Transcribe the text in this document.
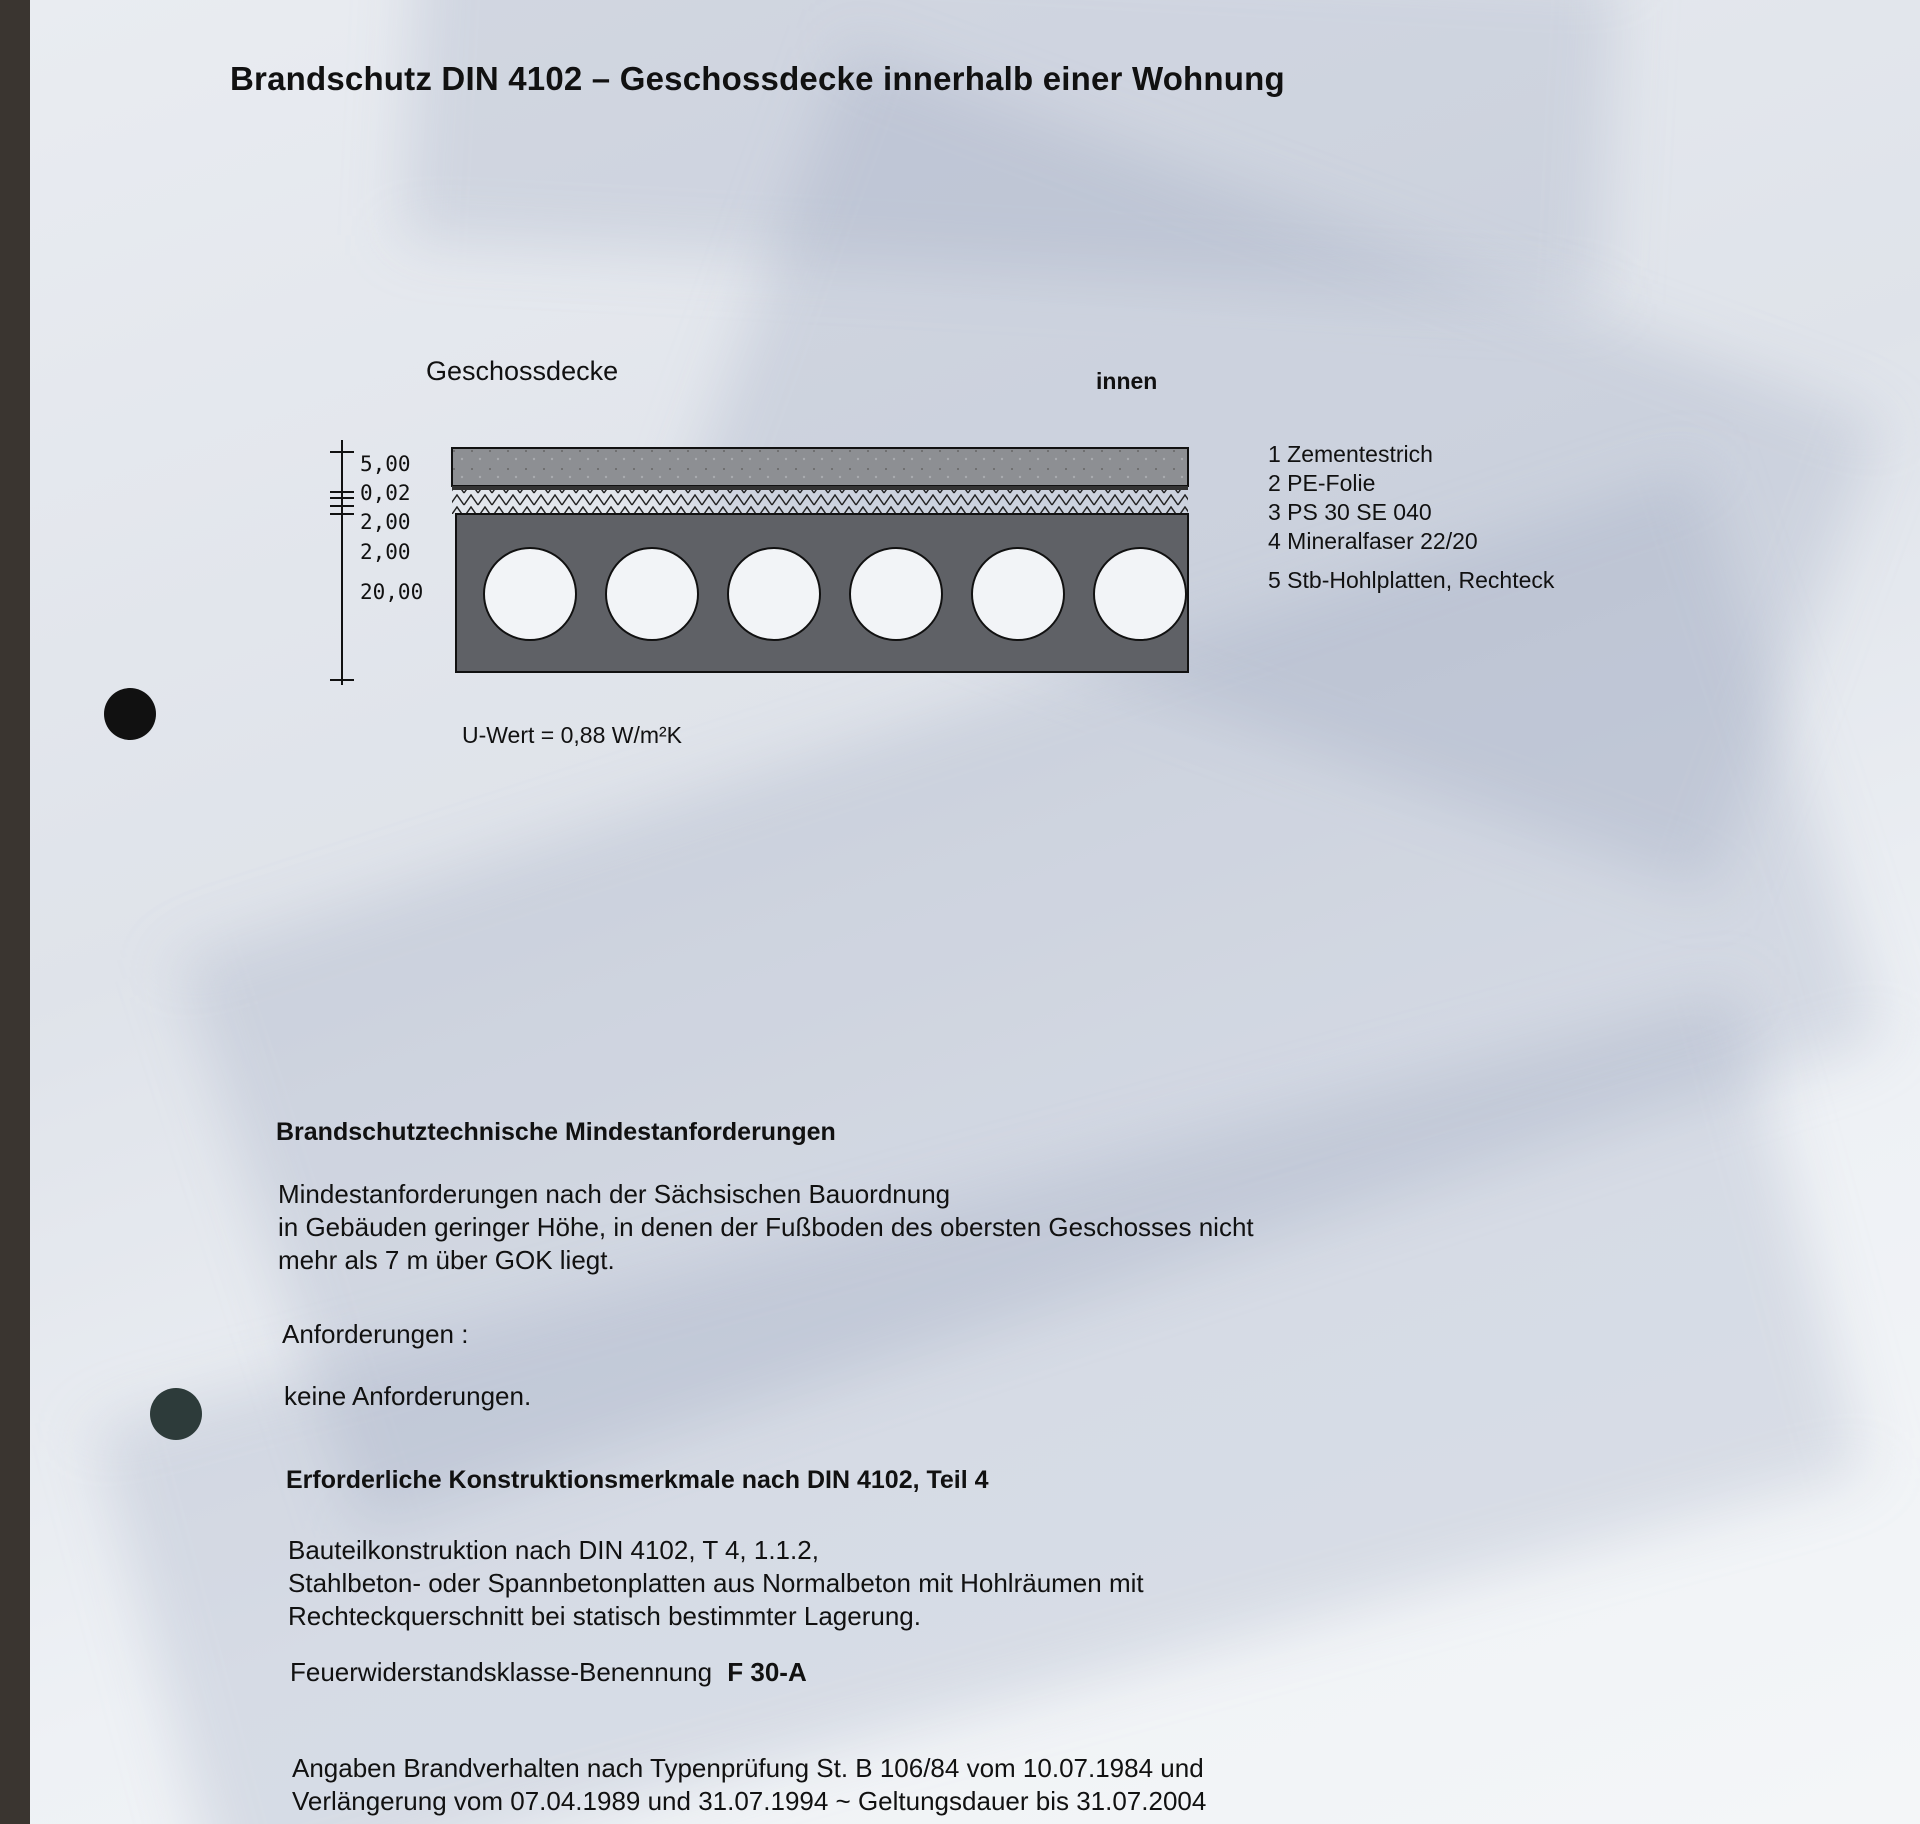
Brandschutz DIN 4102 – Geschossdecke innerhalb einer Wohnung
Geschossdecke	innen
5,00
0,02
2,00
2,00
20,00
1 Zementestrich
2 PE-Folie
3 PS 30 SE 040
4 Mineralfaser 22/20
5 Stb-Hohlplatten, Rechteck
U-Wert = 0,88 W/m²K
Brandschutztechnische Mindestanforderungen
Mindestanforderungen nach der Sächsischen Bauordnung
in Gebäuden geringer Höhe, in denen der Fußboden des obersten Geschosses nicht
mehr als 7 m über GOK liegt.
Anforderungen :
keine Anforderungen.
Erforderliche Konstruktionsmerkmale nach DIN 4102, Teil 4
Bauteilkonstruktion nach DIN 4102, T 4, 1.1.2,
Stahlbeton- oder Spannbetonplatten aus Normalbeton mit Hohlräumen mit
Rechteckquerschnitt bei statisch bestimmter Lagerung.
Feuerwiderstandsklasse-Benennung F 30-A
Angaben Brandverhalten nach Typenprüfung St. B 106/84 vom 10.07.1984 und
Verlängerung vom 07.04.1989 und 31.07.1994 ~ Geltungsdauer bis 31.07.2004
